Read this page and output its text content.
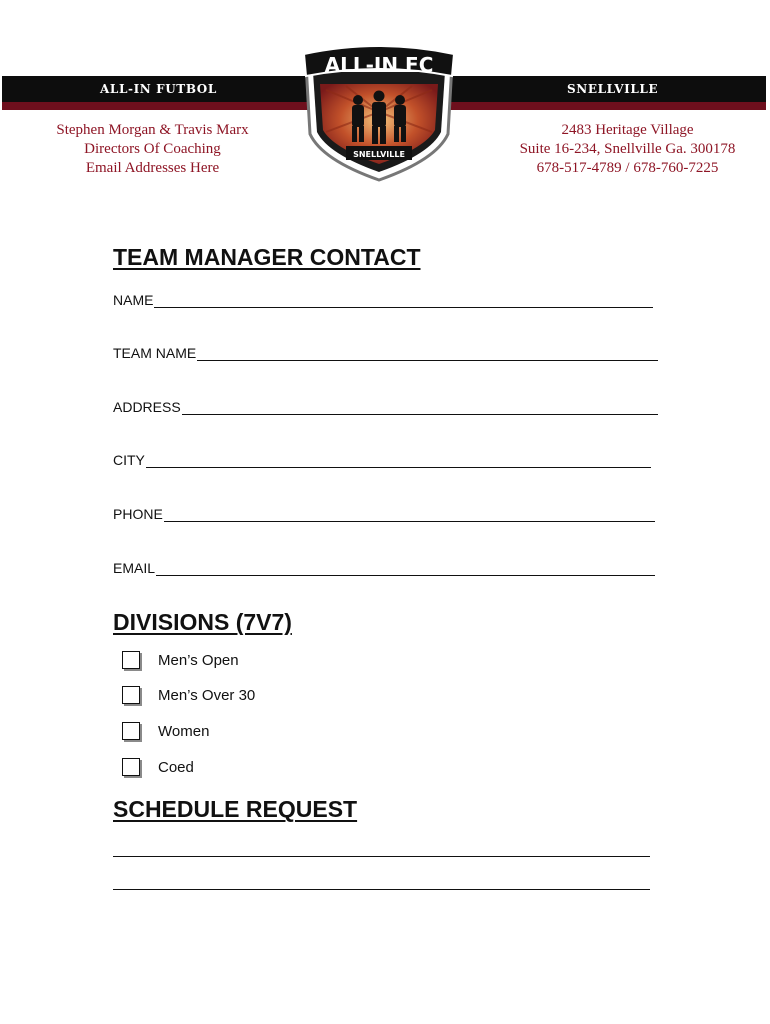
ALL-IN FUTBOL	SNELLVILLE
Stephen Morgan & Travis Marx
Directors Of Coaching
Email Addresses Here
2483 Heritage Village
Suite 16-234, Snellville Ga. 300178
678-517-4789 / 678-760-7225
ALL-IN FC
SNELLVILLE
TEAM MANAGER CONTACT
NAME
TEAM NAME
ADDRESS
CITY
PHONE
EMAIL
DIVISIONS (7V7)
Men’s Open
Men’s Over 30
Women
Coed
SCHEDULE REQUEST
